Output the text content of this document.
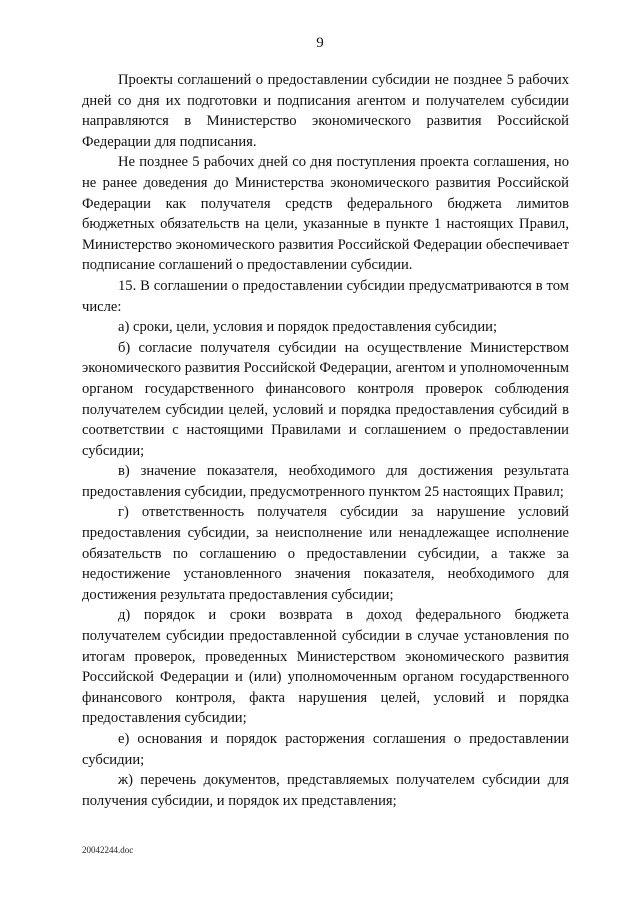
9

Проекты соглашений о предоставлении субсидии не позднее 5 рабочих дней со дня их подготовки и подписания агентом и получателем субсидии направляются в Министерство экономического развития Российской Федерации для подписания.

Не позднее 5 рабочих дней со дня поступления проекта соглашения, но не ранее доведения до Министерства экономического развития Российской Федерации как получателя средств федерального бюджета лимитов бюджетных обязательств на цели, указанные в пункте 1 настоящих Правил, Министерство экономического развития Российской Федерации обеспечивает подписание соглашений о предоставлении субсидии.

15. В соглашении о предоставлении субсидии предусматриваются в том числе:

а) сроки, цели, условия и порядок предоставления субсидии;

б) согласие получателя субсидии на осуществление Министерством экономического развития Российской Федерации, агентом и уполномоченным органом государственного финансового контроля проверок соблюдения получателем субсидии целей, условий и порядка предоставления субсидий в соответствии с настоящими Правилами и соглашением о предоставлении субсидии;

в) значение показателя, необходимого для достижения результата предоставления субсидии, предусмотренного пунктом 25 настоящих Правил;

г) ответственность получателя субсидии за нарушение условий предоставления субсидии, за неисполнение или ненадлежащее исполнение обязательств по соглашению о предоставлении субсидии, а также за недостижение установленного значения показателя, необходимого для достижения результата предоставления субсидии;

д) порядок и сроки возврата в доход федерального бюджета получателем субсидии предоставленной субсидии в случае установления по итогам проверок, проведенных Министерством экономического развития Российской Федерации и (или) уполномоченным органом государственного финансового контроля, факта нарушения целей, условий и порядка предоставления субсидии;

е) основания и порядок расторжения соглашения о предоставлении субсидии;

ж) перечень документов, представляемых получателем субсидии для получения субсидии, и порядок их представления;

20042244.doc
